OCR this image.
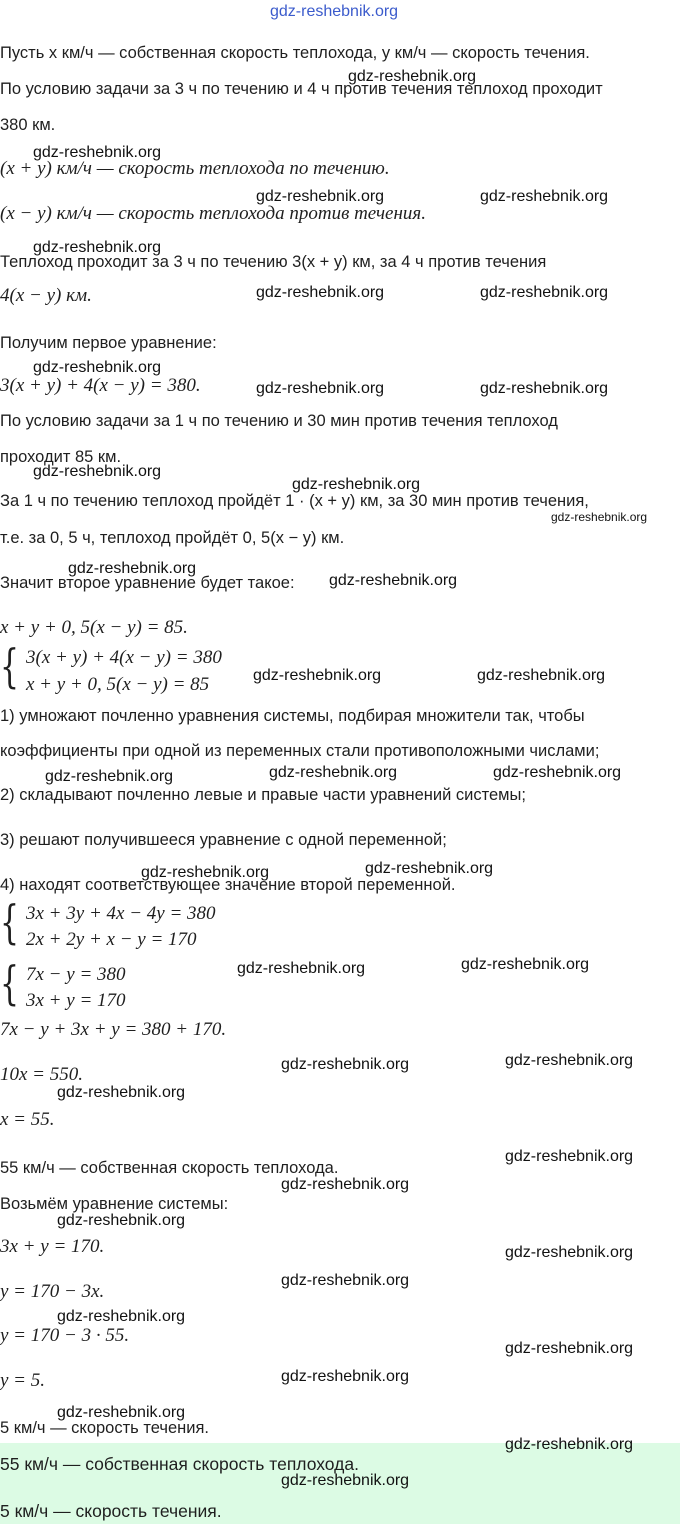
Пусть x км/ч — собственная скорость теплохода, y км/ч — скорость течения.
По условию задачи за 3 ч по течению и 4 ч против течения теплоход проходит
380 км.
(x + y) км/ч — скорость теплохода по течению.
(x − y) км/ч — скорость теплохода против течения.
Теплоход проходит за 3 ч по течению 3(x + y) км, за 4 ч против течения
4(x − y) км.
Получим первое уравнение:
3(x + y) + 4(x − y) = 380.
По условию задачи за 1 ч по течению и 30 мин против течения теплоход
проходит 85 км.
За 1 ч по течению теплоход пройдёт 1 · (x + y) км, за 30 мин против течения,
т.е. за 0, 5 ч, теплоход пройдёт 0, 5(x − y) км.
Значит второе уравнение будет такое:
x + y + 0, 5(x − y) = 85.
{ 3(x + y) + 4(x − y) = 380
x + y + 0, 5(x − y) = 85
1) умножают почленно уравнения системы, подбирая множители так, чтобы
коэффициенты при одной из переменных стали противоположными числами;
2) складывают почленно левые и правые части уравнений системы;
3) решают получившееся уравнение с одной переменной;
4) находят соответствующее значение второй переменной.
{ 3x + 3y + 4x − 4y = 380
2x + 2y + x − y = 170
{ 7x − y = 380
3x + y = 170
7x − y + 3x + y = 380 + 170.
10x = 550.
x = 55.
55 км/ч — собственная скорость теплохода.
Возьмём уравнение системы:
3x + y = 170.
y = 170 − 3x.
y = 170 − 3 · 55.
y = 5.
5 км/ч — скорость течения.
55 км/ч — собственная скорость теплохода.
5 км/ч — скорость течения.
gdz-reshebnik.org
gdz-reshebnik.org
gdz-reshebnik.org
gdz-reshebnik.org	gdz-reshebnik.org
gdz-reshebnik.org
gdz-reshebnik.org	gdz-reshebnik.org
gdz-reshebnik.org
gdz-reshebnik.org	gdz-reshebnik.org
gdz-reshebnik.org
gdz-reshebnik.org
gdz-reshebnik.org
gdz-reshebnik.org
gdz-reshebnik.org
gdz-reshebnik.org	gdz-reshebnik.org
gdz-reshebnik.org	gdz-reshebnik.org	gdz-reshebnik.org
gdz-reshebnik.org	gdz-reshebnik.org
gdz-reshebnik.org	gdz-reshebnik.org
gdz-reshebnik.org	gdz-reshebnik.org
gdz-reshebnik.org
gdz-reshebnik.org
gdz-reshebnik.org
gdz-reshebnik.org
gdz-reshebnik.org
gdz-reshebnik.org
gdz-reshebnik.org
gdz-reshebnik.org
gdz-reshebnik.org
gdz-reshebnik.org
gdz-reshebnik.org
gdz-reshebnik.org
